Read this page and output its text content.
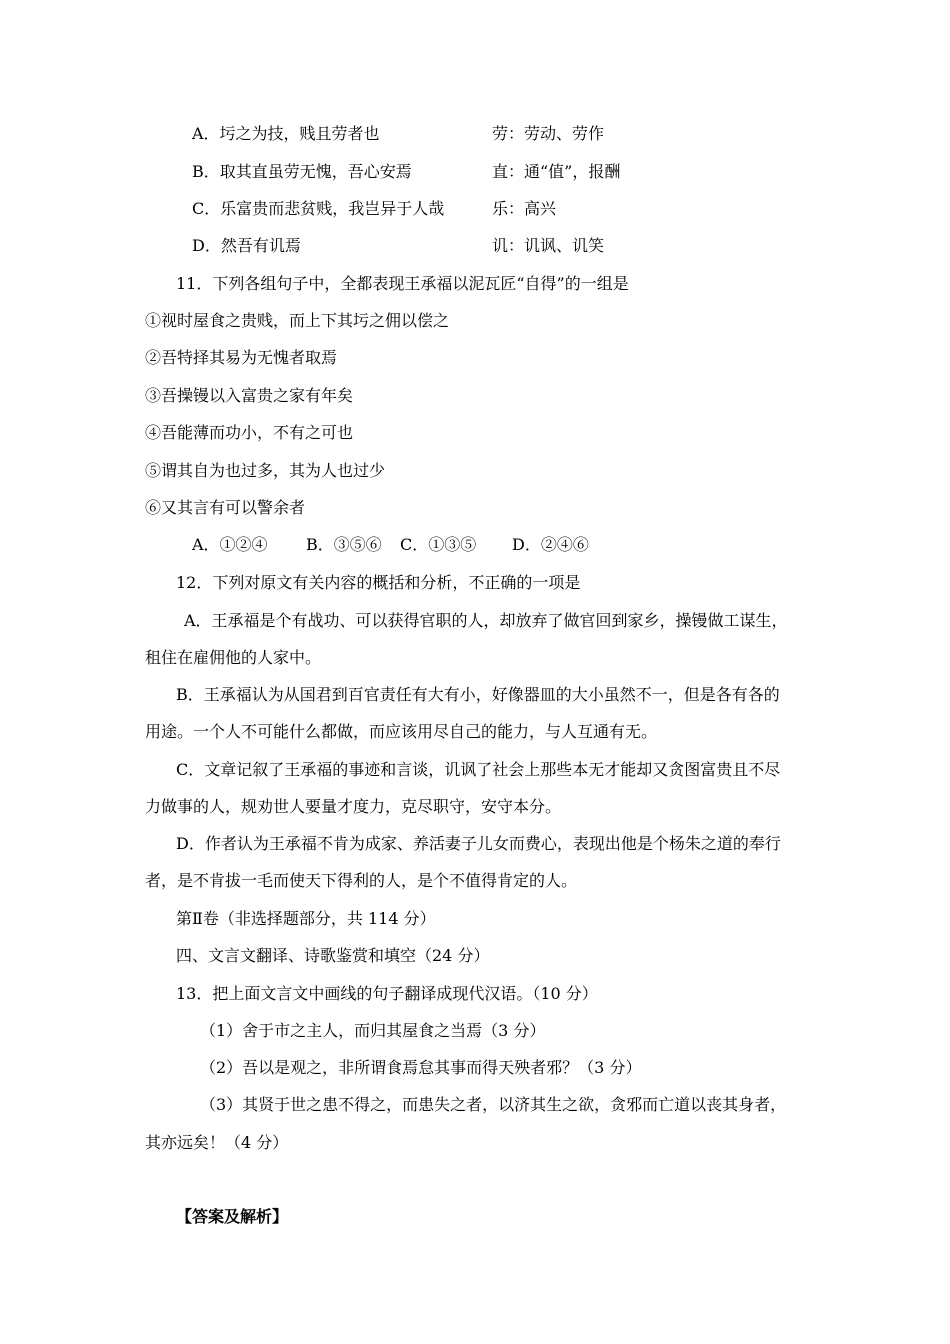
A．圬之为技，贱且劳者也	劳：劳动、劳作
B．取其直虽劳无愧，吾心安焉	直：通“值”，报酬
C．乐富贵而悲贫贱，我岂异于人哉	乐：高兴
D．然吾有讥焉	讥：讥讽、讥笑
11．下列各组句子中，全都表现王承福以泥瓦匠“自得”的一组是
①视时屋食之贵贱，而上下其圬之佣以偿之
②吾特择其易为无愧者取焉
③吾操镘以入富贵之家有年矣
④吾能薄而功小，不有之可也
⑤谓其自为也过多，其为人也过少
⑥又其言有可以警余者
A．①②④ B．③⑤⑥ C．①③⑤ D．②④⑥
12．下列对原文有关内容的概括和分析，不正确的一项是
A．王承福是个有战功、可以获得官职的人，却放弃了做官回到家乡，操镘做工谋生，
租住在雇佣他的人家中。
B．王承福认为从国君到百官责任有大有小，好像器皿的大小虽然不一，但是各有各的
用途。一个人不可能什么都做，而应该用尽自己的能力，与人互通有无。
C．文章记叙了王承福的事迹和言谈，讥讽了社会上那些本无才能却又贪图富贵且不尽
力做事的人，规劝世人要量才度力，克尽职守，安守本分。
D．作者认为王承福不肯为成家、养活妻子儿女而费心，表现出他是个杨朱之道的奉行
者，是不肯拔一毛而使天下得利的人，是个不值得肯定的人。
第Ⅱ卷（非选择题部分，共 114 分）
四、文言文翻译、诗歌鉴赏和填空（24 分）
13．把上面文言文中画线的句子翻译成现代汉语。（10 分）
（1）舍于市之主人，而归其屋食之当焉（3 分）
（2）吾以是观之，非所谓食焉怠其事而得天殃者邪？（3 分）
（3）其贤于世之患不得之，而患失之者，以济其生之欲，贪邪而亡道以丧其身者，
其亦远矣！（4 分）
【答案及解析】
